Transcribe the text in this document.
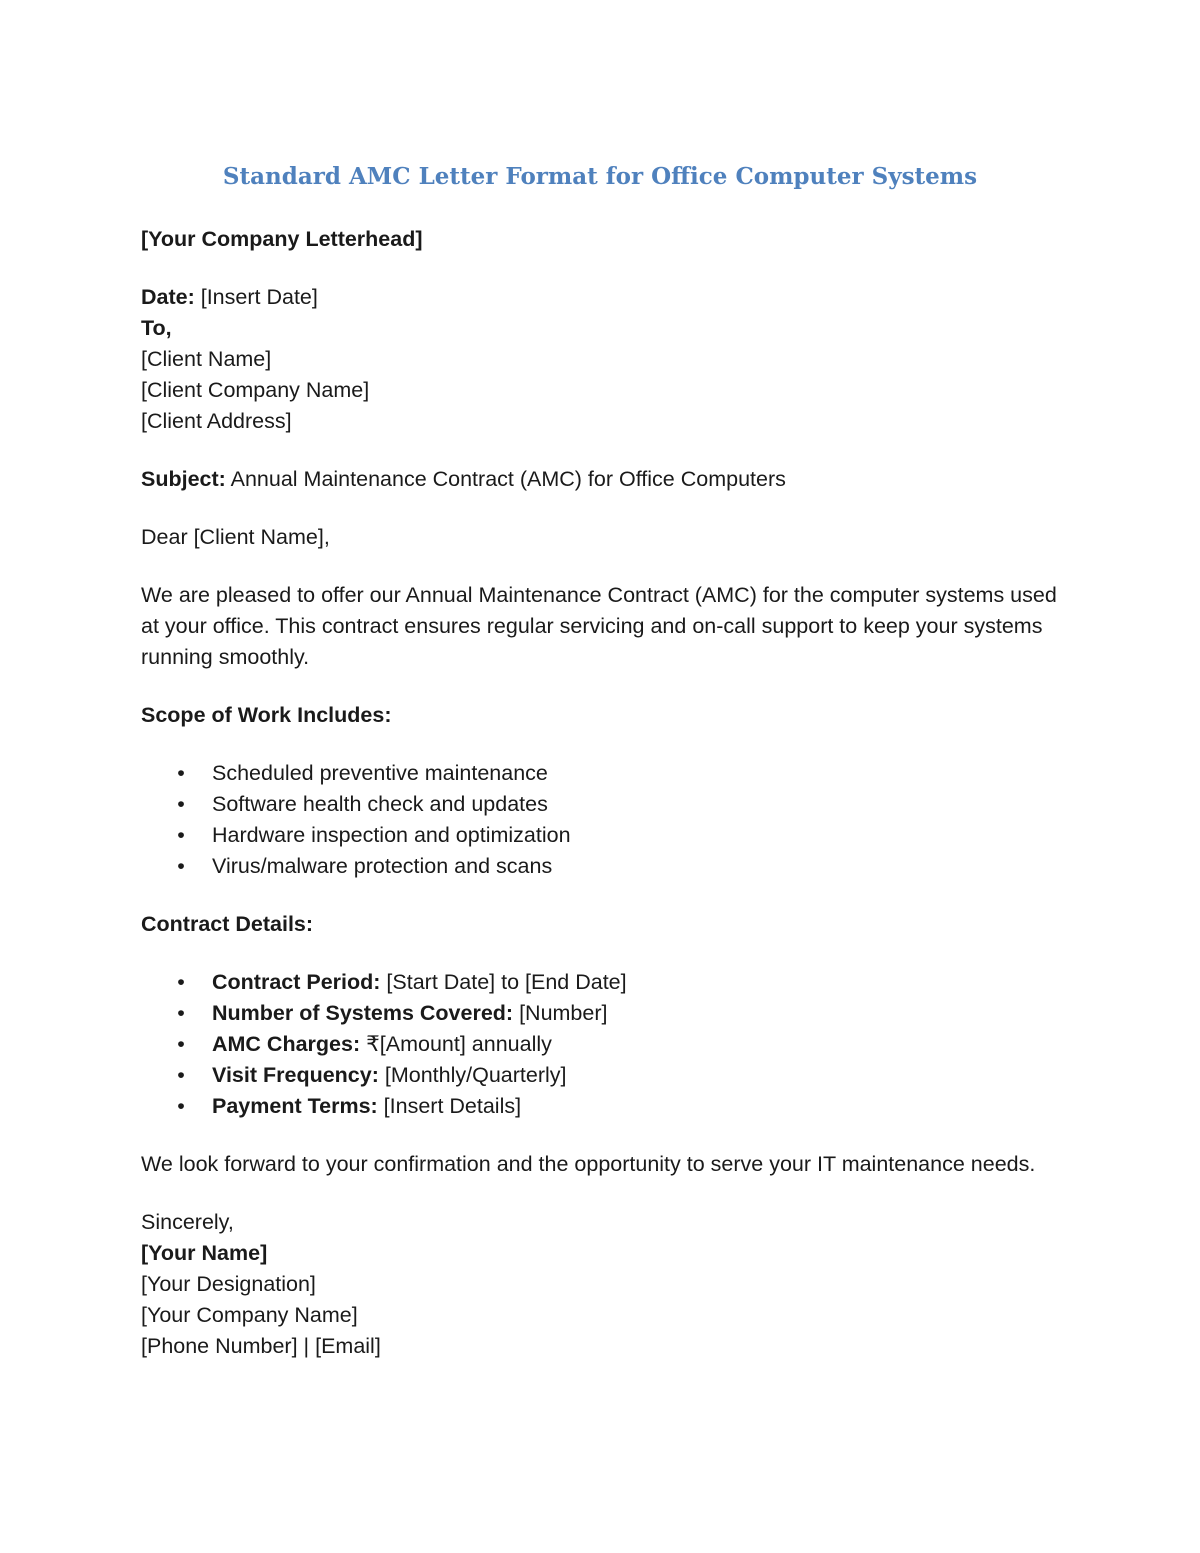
Standard AMC Letter Format for Office Computer Systems

[Your Company Letterhead]

Date: [Insert Date]

To,

[Client Name]

[Client Company Name]

[Client Address]

Subject: Annual Maintenance Contract (AMC) for Office Computers

Dear [Client Name],

We are pleased to offer our Annual Maintenance Contract (AMC) for the computer systems used at your office. This contract ensures regular servicing and on-call support to keep your systems running smoothly.

Scope of Work Includes:

• Scheduled preventive maintenance
• Software health check and updates
• Hardware inspection and optimization
• Virus/malware protection and scans

Contract Details:

• Contract Period: [Start Date] to [End Date]
• Number of Systems Covered: [Number]
• AMC Charges: ₹[Amount] annually
• Visit Frequency: [Monthly/Quarterly]
• Payment Terms: [Insert Details]

We look forward to your confirmation and the opportunity to serve your IT maintenance needs.

Sincerely,

[Your Name]

[Your Designation]

[Your Company Name]

[Phone Number] | [Email]
